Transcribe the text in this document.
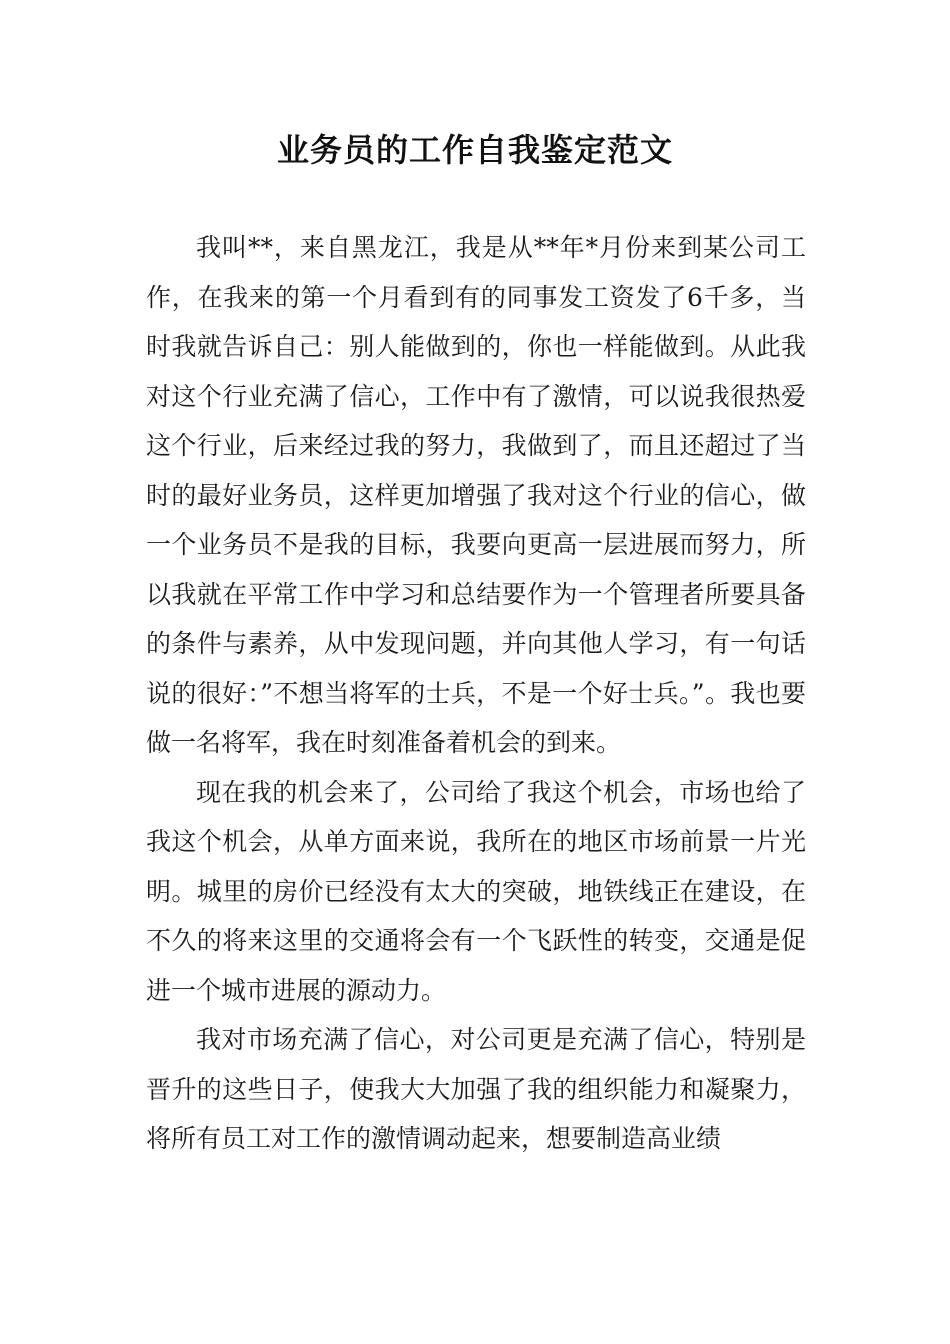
业务员的工作自我鉴定范文

我叫**，来自黑龙江，我是从**年*月份来到某公司工作，在我来的第一个月看到有的同事发工资发了6千多，当时我就告诉自己：别人能做到的，你也一样能做到。从此我对这个行业充满了信心，工作中有了激情，可以说我很热爱这个行业，后来经过我的努力，我做到了，而且还超过了当时的最好业务员，这样更加增强了我对这个行业的信心，做一个业务员不是我的目标，我要向更高一层进展而努力，所以我就在平常工作中学习和总结要作为一个管理者所要具备的条件与素养，从中发现问题，并向其他人学习，有一句话说的很好：”不想当将军的士兵，不是一个好士兵。”。我也要做一名将军，我在时刻准备着机会的到来。

现在我的机会来了，公司给了我这个机会，市场也给了我这个机会，从单方面来说，我所在的地区市场前景一片光明。城里的房价已经没有太大的突破，地铁线正在建设，在不久的将来这里的交通将会有一个飞跃性的转变，交通是促进一个城市进展的源动力。

我对市场充满了信心，对公司更是充满了信心，特别是晋升的这些日子，使我大大加强了我的组织能力和凝聚力，将所有员工对工作的激情调动起来，想要制造高业绩
